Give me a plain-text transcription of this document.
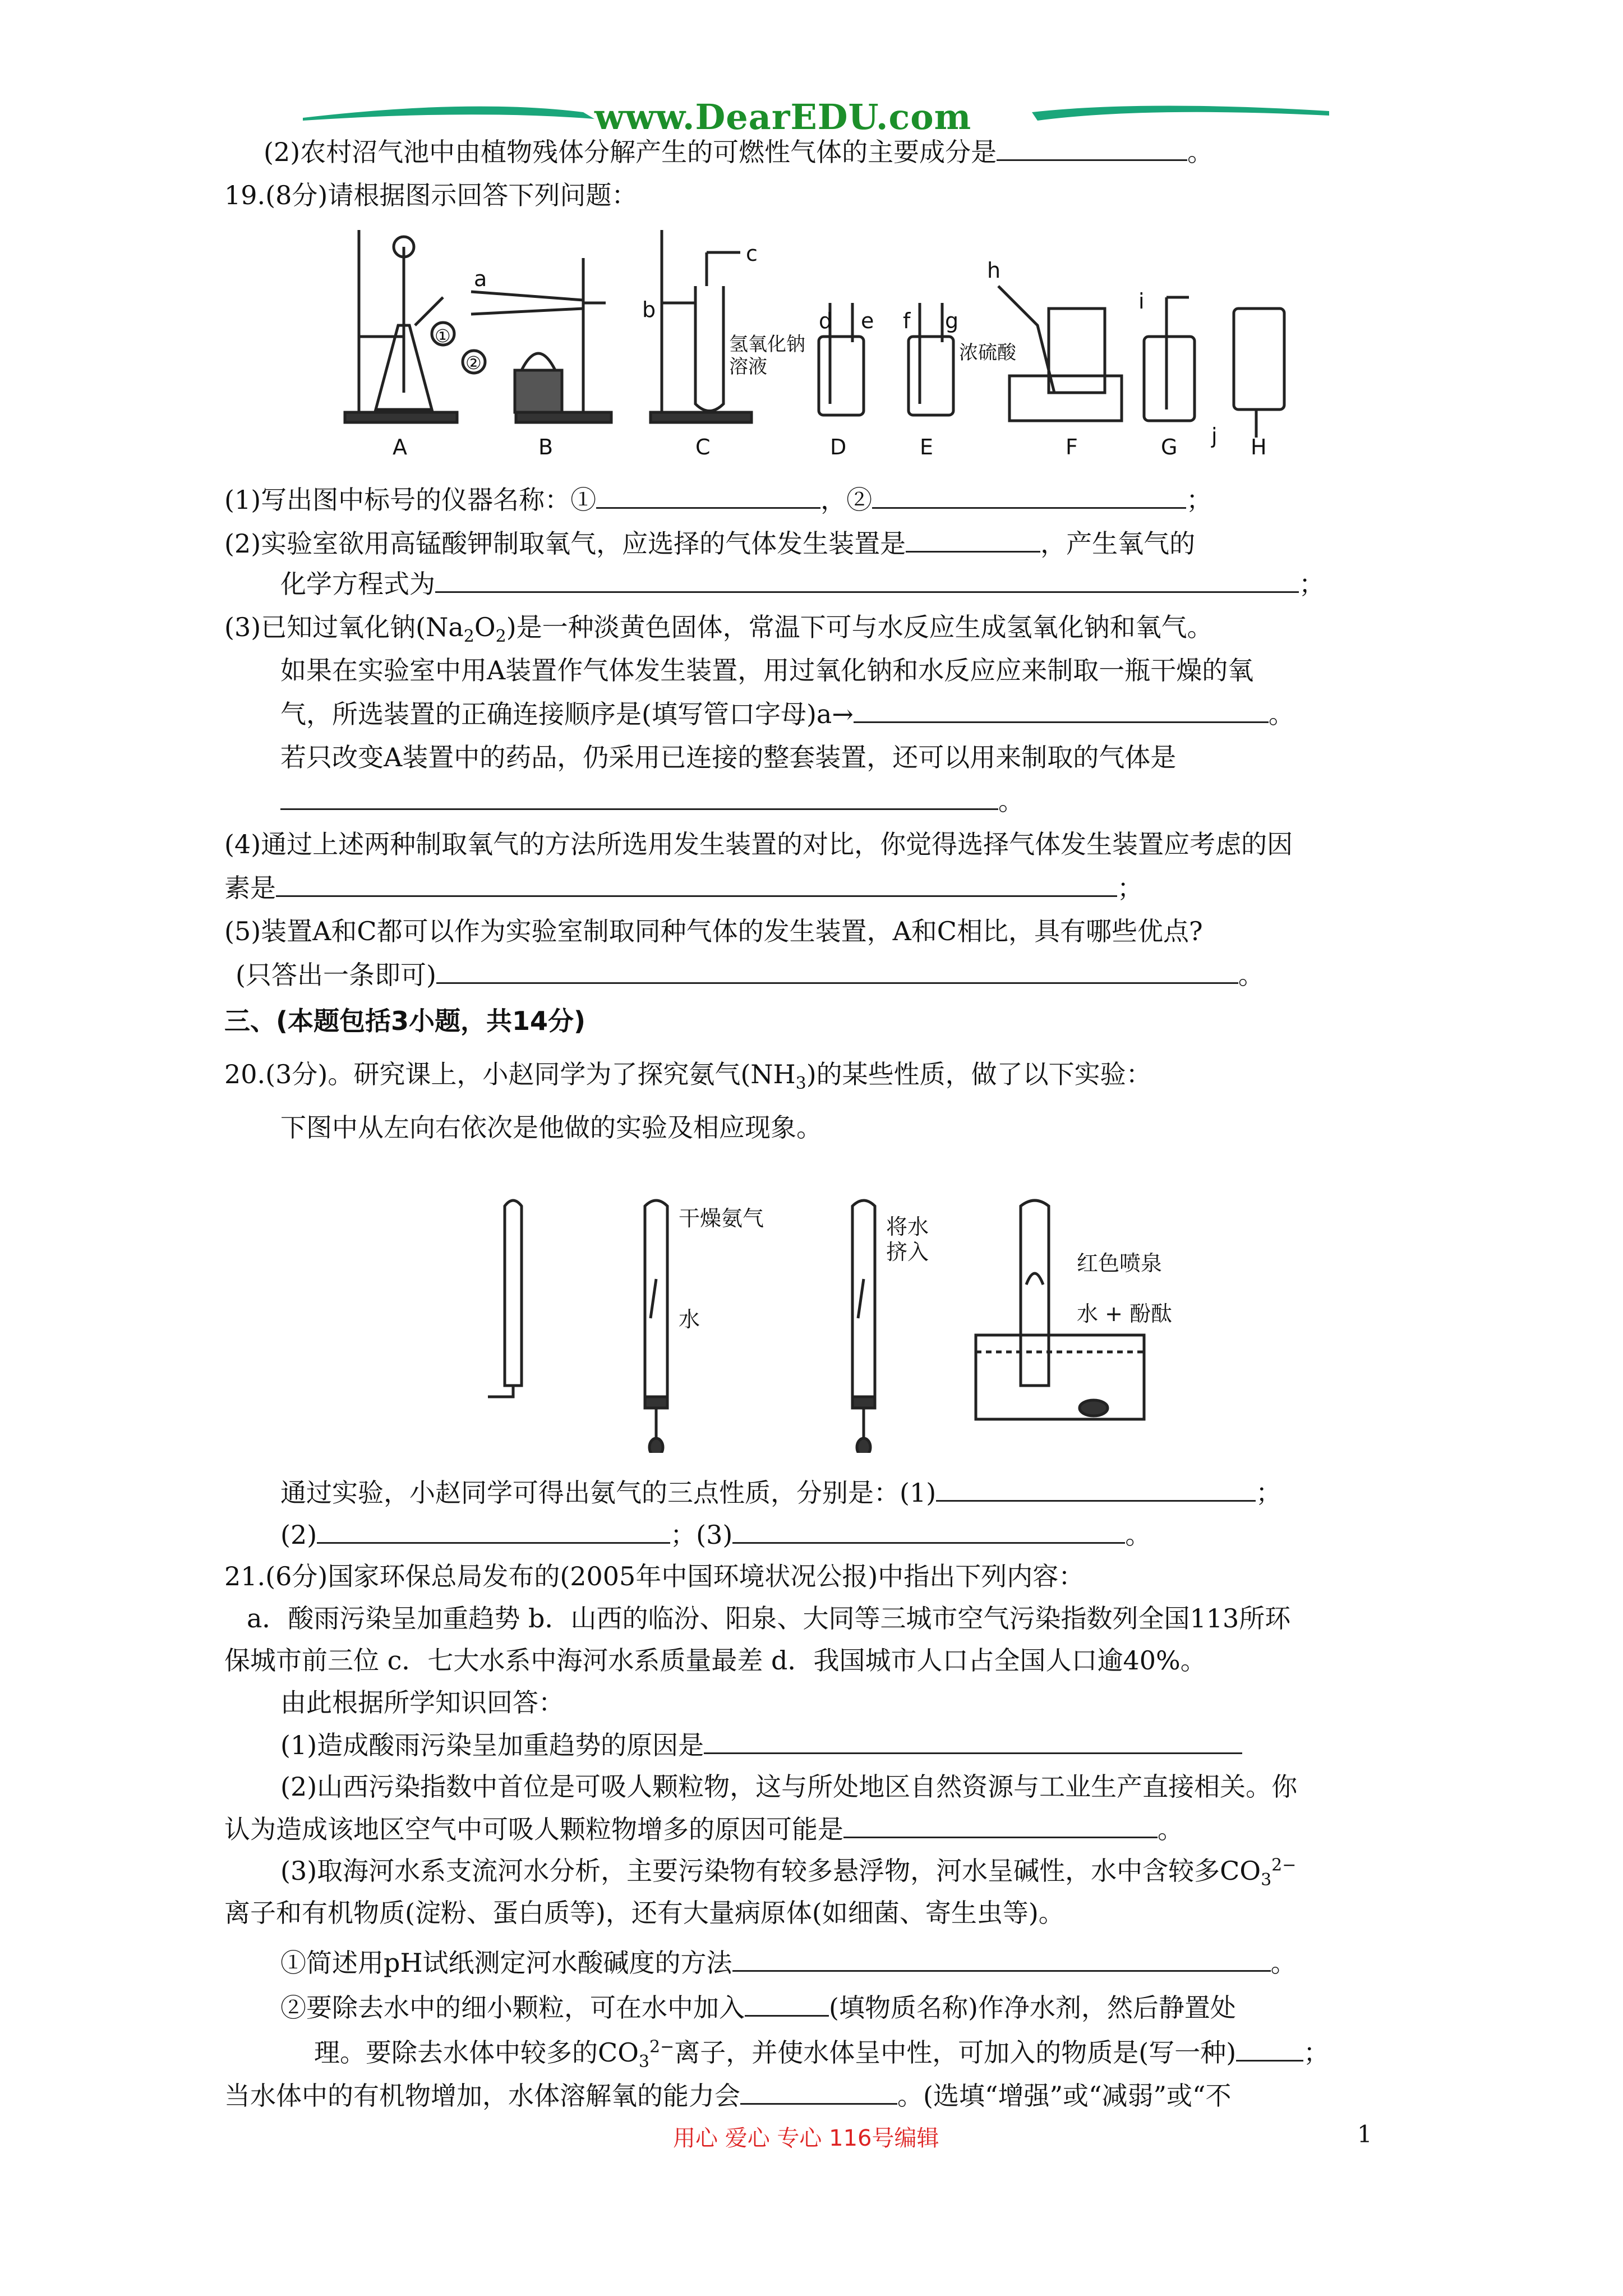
www.DearEDU.com
(2)农村沼气池中由植物残体分解产生的可燃性气体的主要成分是	。
19.(8分)请根据图示回答下列问题：
A	B	C	D	E	F	G	H
a
b
c
d e f g
h
i
j
①
②
氢氧化钠
溶液
浓硫酸
(1)写出图中标号的仪器名称：①	，②	；
(2)实验室欲用高锰酸钾制取氧气，应选择的气体发生装置是	，产生氧气的
化学方程式为	；
(3)已知过氧化钠$(Na_2O_2)$是一种淡黄色固体，常温下可与水反应生成氢氧化钠和氧气。
如果在实验室中用A装置作气体发生装置，用过氧化钠和水反应应来制取一瓶干燥的氧
气，所选装置的正确连接顺序是(填写管口字母)a→	。
若只改变A装置中的药品，仍采用已连接的整套装置，还可以用来制取的气体是
。
(4)通过上述两种制取氧气的方法所选用发生装置的对比，你觉得选择气体发生装置应考虑的因
素是	；
(5)装置A和C都可以作为实验室制取同种气体的发生装置，A和C相比，具有哪些优点?
(只答出一条即可)	。
三、(本题包括3小题，共14分)
20.(3分)。研究课上，小赵同学为了探究氨气$(NH_3)$的某些性质，做了以下实验：
下图中从左向右依次是他做的实验及相应现象。
干燥氨气
水
将水
挤入	红色喷泉
水 + 酚酞
通过实验，小赵同学可得出氨气的三点性质，分别是：(1)	；
(2)	；(3)	。
21.(6分)国家环保总局发布的(2005年中国环境状况公报)中指出下列内容：
a．酸雨污染呈加重趋势 b．山西的临汾、阳泉、大同等三城市空气污染指数列全国113所环
保城市前三位 c．七大水系中海河水系质量最差 d．我国城市人口占全国人口逾40%。
由此根据所学知识回答：
(1)造成酸雨污染呈加重趋势的原因是
(2)山西污染指数中首位是可吸人颗粒物，这与所处地区自然资源与工业生产直接相关。你
认为造成该地区空气中可吸人颗粒物增多的原因可能是	。
(3)取海河水系支流河水分析，主要污染物有较多悬浮物，河水呈碱性，水中含较多$CO_3^{2-}$
离子和有机物质(淀粉、蛋白质等)，还有大量病原体(如细菌、寄生虫等)。
①简述用pH试纸测定河水酸碱度的方法	。
②要除去水中的细小颗粒，可在水中加入	(填物质名称)作净水剂，然后静置处
理。要除去水体中较多的$CO_3^{2-}$离子，并使水体呈中性，可加入的物质是(写一种)	；
当水体中的有机物增加，水体溶解氧的能力会	。(选填“增强”或“减弱”或“不
用心 爱心 专心 116号编辑	1
